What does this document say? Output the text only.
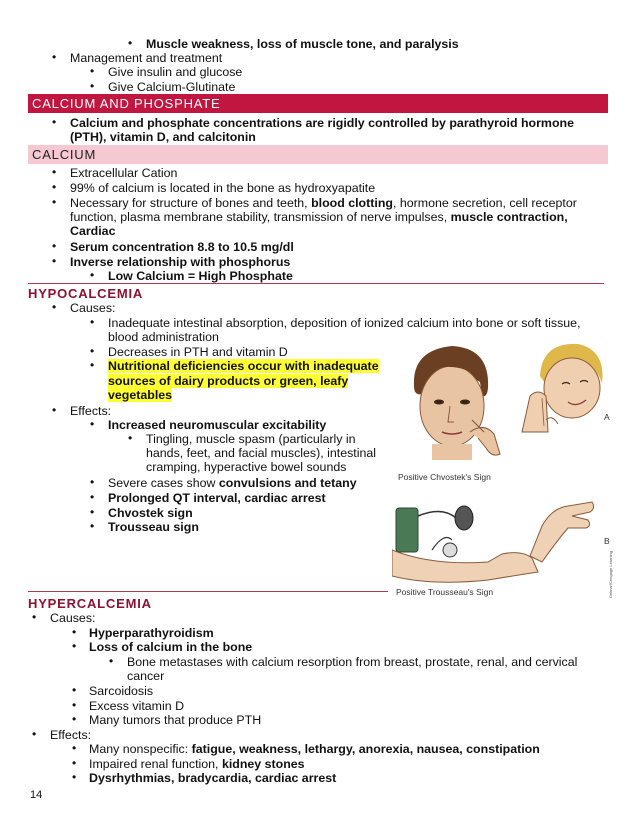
• Muscle weakness, loss of muscle tone, and paralysis
• Management and treatment
• Give insulin and glucose
• Give Calcium-Glutinate
CALCIUM AND PHOSPHATE
• Calcium and phosphate concentrations are rigidly controlled by parathyroid hormone
(PTH), vitamin D, and calcitonin
CALCIUM
• Extracellular Cation
• 99% of calcium is located in the bone as hydroxyapatite
• Necessary for structure of bones and teeth, blood clotting, hormone secretion, cell receptor
function, plasma membrane stability, transmission of nerve impulses, muscle contraction,
Cardiac
• Serum concentration 8.8 to 10.5 mg/dl
• Inverse relationship with phosphorus
• Low Calcium = High Phosphate
HYPOCALCEMIA
• Causes:
• Inadequate intestinal absorption, deposition of ionized calcium into bone or soft tissue,
blood administration
• Decreases in PTH and vitamin D
• Nutritional deficiencies occur with inadequate
sources of dairy products or green, leafy
vegetables
• Effects:
• Increased neuromuscular excitability
• Tingling, muscle spasm (particularly in
hands, feet, and facial muscles), intestinal
cramping, hyperactive bowel sounds
• Severe cases show convulsions and tetany
• Prolonged QT interval, cardiac arrest
• Chvostek sign
• Trousseau sign
A
Positive Chvostek's Sign
B
Positive Trousseau's Sign	Delmar/Cengage Learning
HYPERCALCEMIA
• Causes:
• Hyperparathyroidism
• Loss of calcium in the bone
• Bone metastases with calcium resorption from breast, prostate, renal, and cervical
cancer
• Sarcoidosis
• Excess vitamin D
• Many tumors that produce PTH
• Effects:
• Many nonspecific: fatigue, weakness, lethargy, anorexia, nausea, constipation
• Impaired renal function, kidney stones
• Dysrhythmias, bradycardia, cardiac arrest
14
